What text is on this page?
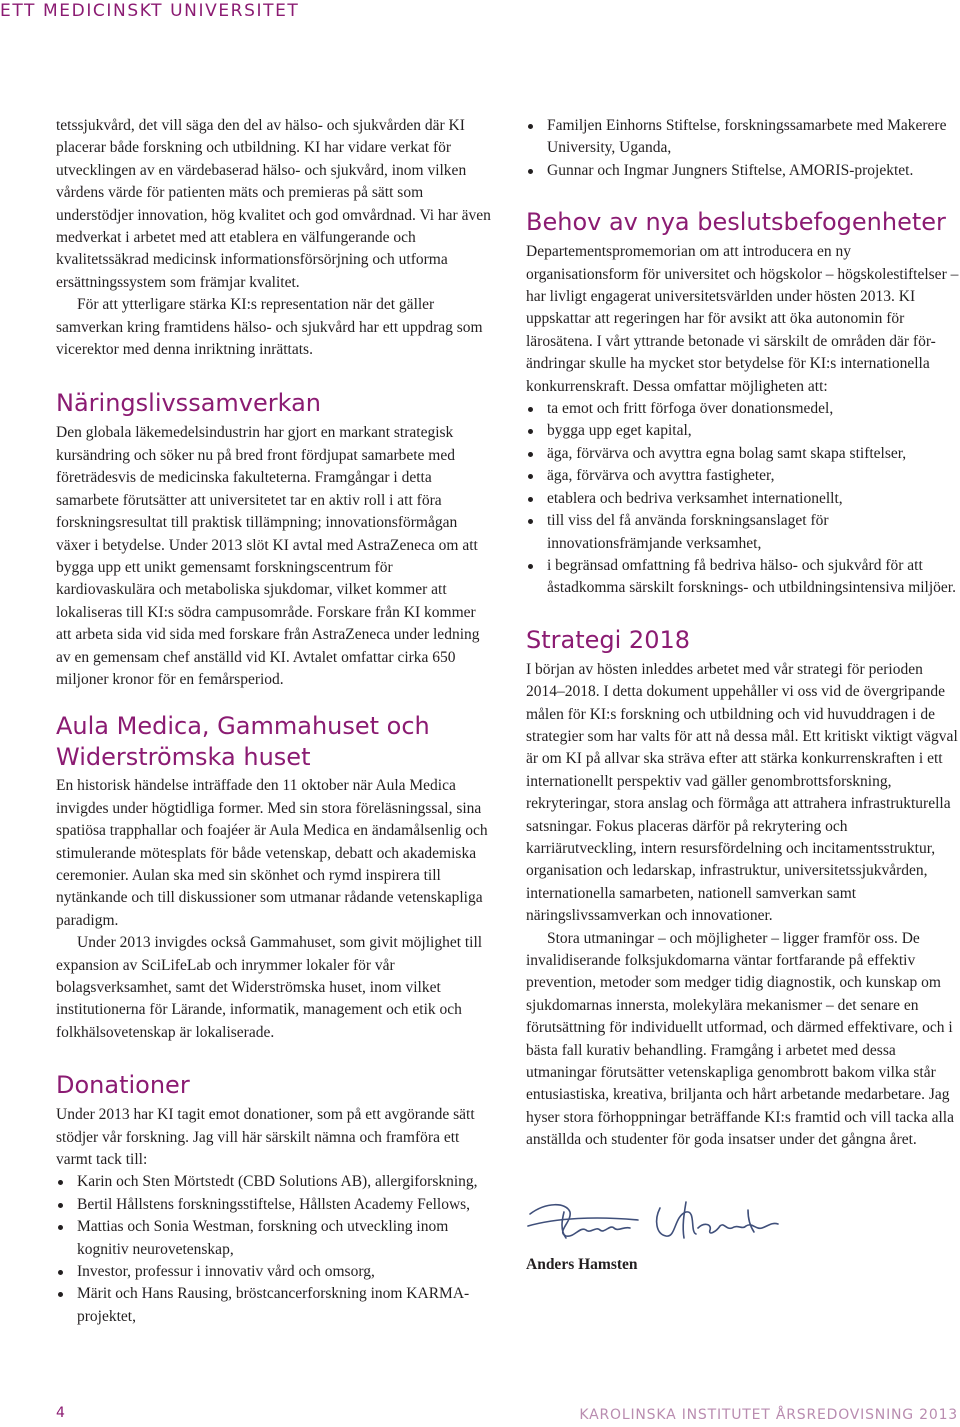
ETT MEDICINSKT UNIVERSITET

tetssjukvård, det vill säga den del av hälso- och sjukvården där KI placerar både forskning och utbildning. KI har vidare verkat för utvecklingen av en värdebaserad hälso- och sjukvård, inom vilken vårdens värde för patienten mäts och premieras på sätt som understödjer innovation, hög kvalitet och god omvårdnad. Vi har även medverkat i arbetet med att etablera en välfungerande och kvalitetssäkrad medicinsk informationsförsörjning och utforma ersättningssystem som främjar kvalitet.

För att ytterligare stärka KI:s representation när det gäller samverkan kring framtidens hälso- och sjukvård har ett uppdrag som vicerektor med denna inriktning inrättats.

Näringslivssamverkan

Den globala läkemedelsindustrin har gjort en markant strategisk kursändring och söker nu på bred front fördjupat samarbete med företrädesvis de medicinska fakulteterna. Framgångar i detta samarbete förutsätter att universitetet tar en aktiv roll i att föra forskningsresultat till praktisk tillämpning; innovationsförmågan växer i betydelse. Under 2013 slöt KI avtal med AstraZeneca om att bygga upp ett unikt gemensamt forskningscentrum för kardiovaskulära och metaboliska sjukdomar, vilket kommer att lokaliseras till KI:s södra campusområde. Forskare från KI kommer att arbeta sida vid sida med forskare från AstraZeneca under ledning av en gemensam chef anställd vid KI. Avtalet omfattar cirka 650 miljoner kronor för en femårsperiod.

Aula Medica, Gammahuset och
Widerströmska huset

En historisk händelse inträffade den 11 oktober när Aula Medica invigdes under högtidliga former. Med sin stora föreläsningssal, sina spatiösa trapphallar och foajéer är Aula Medica en ändamålsenlig och stimulerande mötesplats för både vetenskap, debatt och akademiska ceremonier. Aulan ska med sin skönhet och rymd inspirera till nytänkande och till diskussioner som utmanar rådande vetenskapliga paradigm.

Under 2013 invigdes också Gammahuset, som givit möjlighet till expansion av SciLifeLab och inrymmer lokaler för vår bolagsverksamhet, samt det Widerströmska huset, inom vilket institutionerna för Lärande, informatik, management och etik och folkhälsovetenskap är lokaliserade.

Donationer

Under 2013 har KI tagit emot donationer, som på ett avgörande sätt stödjer vår forskning. Jag vill här särskilt nämna och framföra ett varmt tack till:

Karin och Sten Mörtstedt (CBD Solutions AB), allergiforskning,
Bertil Hållstens forskningsstiftelse, Hållsten Academy Fellows,
Mattias och Sonia Westman, forskning och utveckling inom kognitiv neurovetenskap,
Investor, professur i innovativ vård och omsorg,
Märit och Hans Rausing, bröstcancerforskning inom KARMA-projektet,
Familjen Einhorns Stiftelse, forskningssamarbete med Makerere University, Uganda,
Gunnar och Ingmar Jungners Stiftelse, AMORIS-projektet.
Behov av nya beslutsbefogenheter

Departementspromemorian om att introducera en ny organisationsform för universitet och högskolor – högskolestiftelser – har livligt engagerat universitetsvärlden under hösten 2013. KI uppskattar att regeringen har för avsikt att öka autonomin för lärosätena. I vårt yttrande betonade vi särskilt de områden där för-ändringar skulle ha mycket stor betydelse för KI:s internationella konkurrenskraft. Dessa omfattar möjligheten att:

ta emot och fritt förfoga över donationsmedel,
bygga upp eget kapital,
äga, förvärva och avyttra egna bolag samt skapa stiftelser,
äga, förvärva och avyttra fastigheter,
etablera och bedriva verksamhet internationellt,
till viss del få använda forskningsanslaget för innovationsfrämjande verksamhet,
i begränsad omfattning få bedriva hälso- och sjukvård för att åstadkomma särskilt forsknings- och utbildningsintensiva miljöer.
Strategi 2018

I början av hösten inleddes arbetet med vår strategi för perioden 2014–2018. I detta dokument uppehåller vi oss vid de övergripande målen för KI:s forskning och utbildning och vid huvuddragen i de strategier som har valts för att nå dessa mål. Ett kritiskt viktigt vägval är om KI på allvar ska sträva efter att stärka konkurrenskraften i ett internationellt perspektiv vad gäller genombrottsforskning, rekryteringar, stora anslag och förmåga att attrahera infrastrukturella satsningar. Fokus placeras därför på rekrytering och karriärutveckling, intern resursfördelning och incitamentsstruktur, organisation och ledarskap, infrastruktur, universitetssjukvården, internationella samarbeten, nationell samverkan samt näringslivssamverkan och innovationer.

Stora utmaningar – och möjligheter – ligger framför oss. De invalidiserande folksjukdomarna väntar fortfarande på effektiv prevention, metoder som medger tidig diagnostik, och kunskap om sjukdomarnas innersta, molekylära mekanismer – det senare en förutsättning för individuellt utformad, och därmed effektivare, och i bästa fall kurativ behandling. Framgång i arbetet med dessa utmaningar förutsätter vetenskapliga genombrott bakom vilka står entusiastiska, kreativa, briljanta och hårt arbetande medarbetare. Jag hyser stora förhoppningar beträffande KI:s framtid och vill tacka alla anställda och studenter för goda insatser under det gångna året.

Anders Hamsten
4	KAROLINSKA INSTITUTET ÅRSREDOVISNING 2013
